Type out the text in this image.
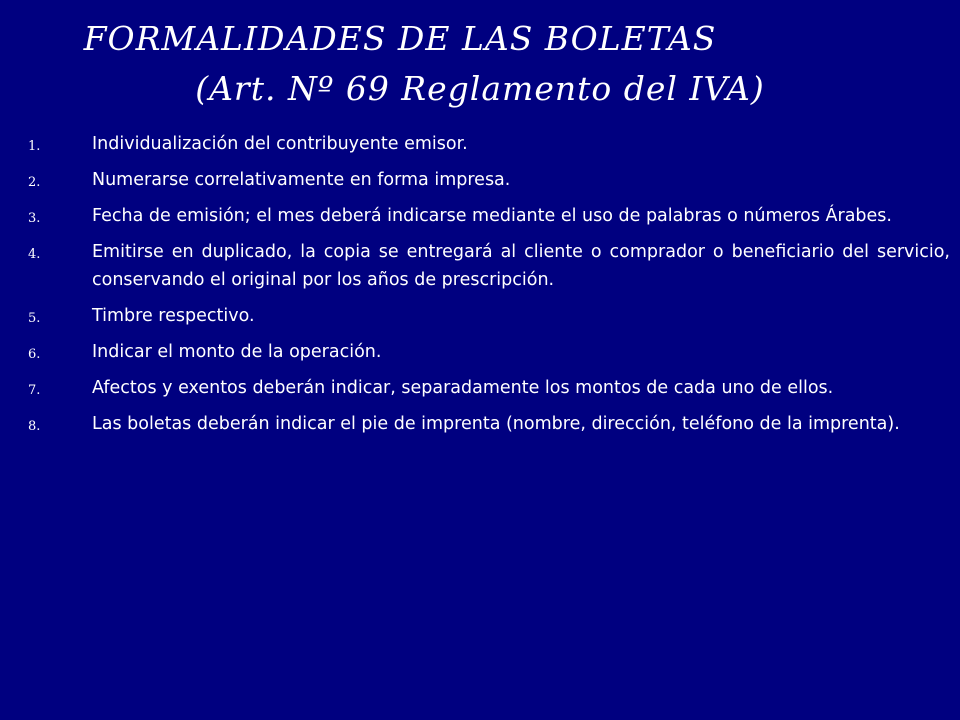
FORMALIDADES DE LAS BOLETAS
(Art. Nº 69 Reglamento del IVA)
1.	Individualización del contribuyente emisor.
2.	Numerarse correlativamente en forma impresa.
3.	Fecha de emisión; el mes deberá indicarse mediante el uso de palabras o números Árabes.
4.	Emitirse en duplicado, la copia se entregará al cliente o comprador o beneficiario del servicio, conservando el original por los años de prescripción.
5.	Timbre respectivo.
6.	Indicar el monto de la operación.
7.	Afectos y exentos deberán indicar, separadamente los montos de cada uno de ellos.
8.	Las boletas deberán indicar el pie de imprenta (nombre, dirección, teléfono de la imprenta).
